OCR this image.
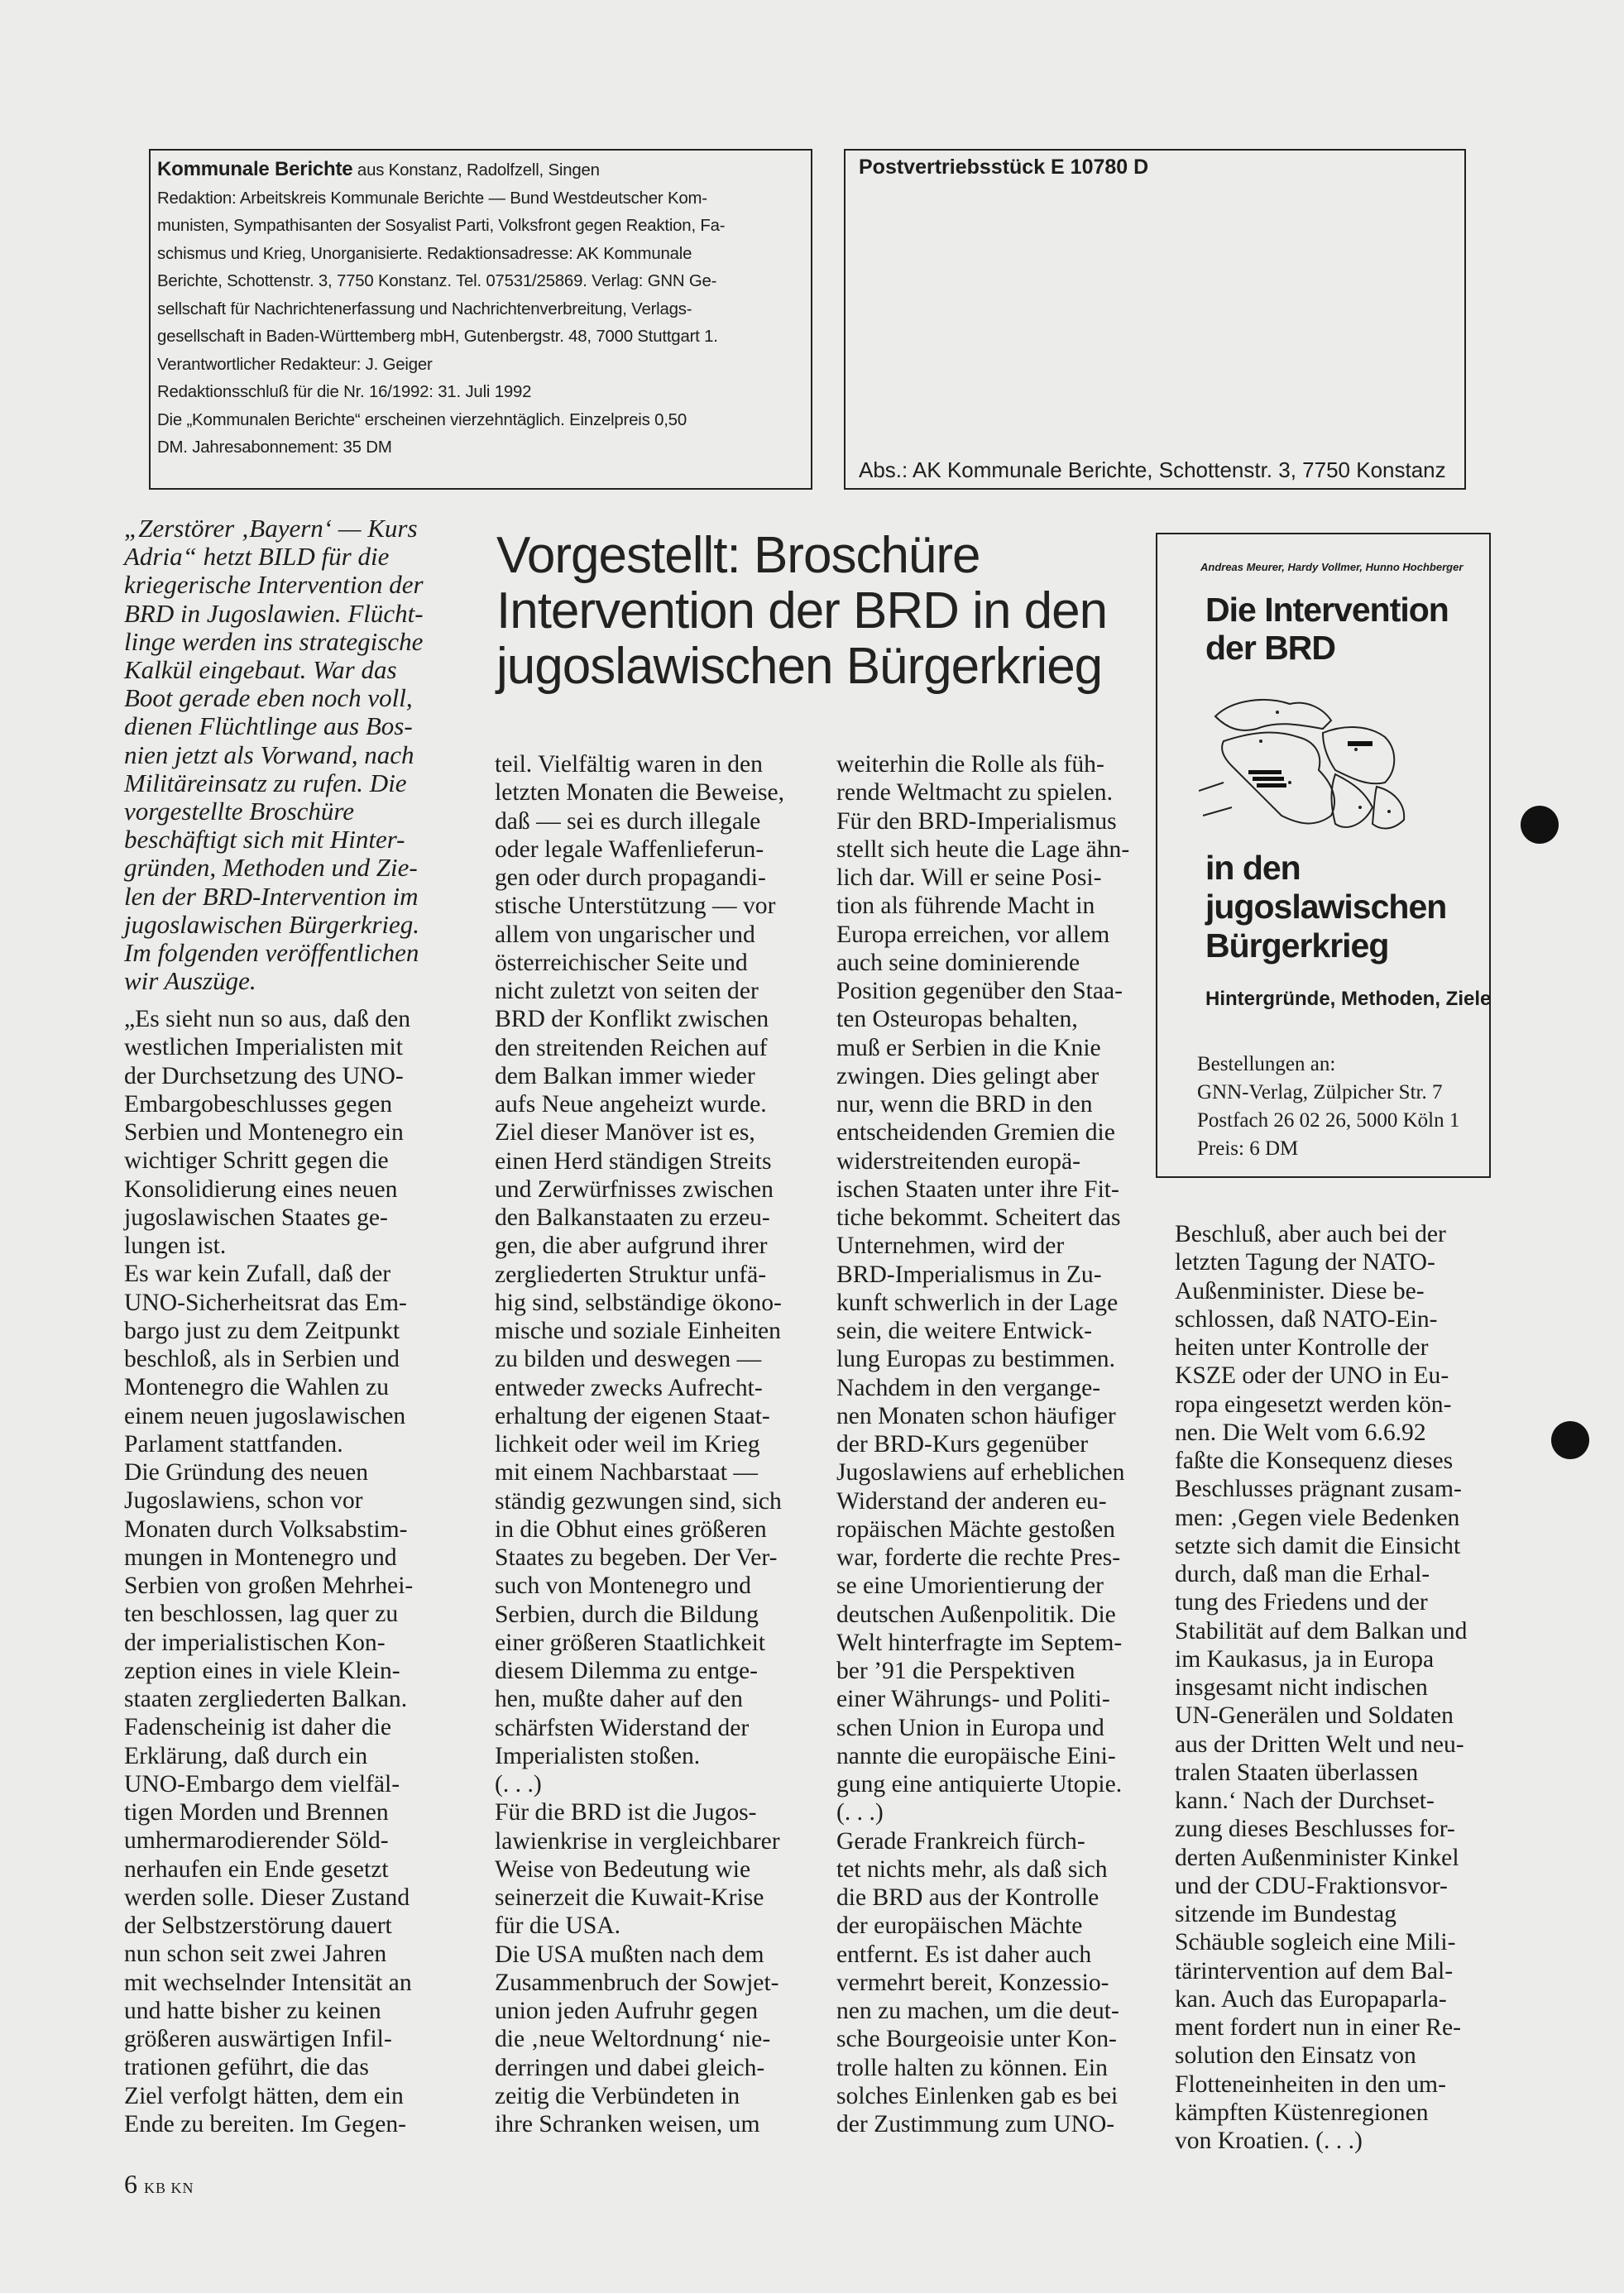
Kommunale Berichte aus Konstanz, Radolfzell, Singen

Redaktion: Arbeitskreis Kommunale Berichte — Bund Westdeutscher Kom-

munisten, Sympathisanten der Sosyalist Parti, Volksfront gegen Reaktion, Fa-

schismus und Krieg, Unorganisierte. Redaktionsadresse: AK Kommunale

Berichte, Schottenstr. 3, 7750 Konstanz. Tel. 07531/25869. Verlag: GNN Ge-

sellschaft für Nachrichtenerfassung und Nachrichtenverbreitung, Verlags-

gesellschaft in Baden-Württemberg mbH, Gutenbergstr. 48, 7000 Stuttgart 1.

Verantwortlicher Redakteur: J. Geiger

Redaktionsschluß für die Nr. 16/1992: 31. Juli 1992

Die „Kommunalen Berichte“ erscheinen vierzehntäglich. Einzelpreis 0,50

DM. Jahresabonnement: 35 DM

Postvertriebsstück E 10780 D
Abs.: AK Kommunale Berichte, Schottenstr. 3, 7750 Konstanz

„Zerstörer ‚Bayern‘ — Kurs

Adria“ hetzt BILD für die

kriegerische Intervention der

BRD in Jugoslawien. Flücht-

linge werden ins strategische

Kalkül eingebaut. War das

Boot gerade eben noch voll,

dienen Flüchtlinge aus Bos-

nien jetzt als Vorwand, nach

Militäreinsatz zu rufen. Die

vorgestellte Broschüre

beschäftigt sich mit Hinter-

gründen, Methoden und Zie-

len der BRD-Intervention im

jugoslawischen Bürgerkrieg.

Im folgenden veröffentlichen

wir Auszüge.

Vorgestellt: Broschüre

Intervention der BRD in den

jugoslawischen Bürgerkrieg

„Es sieht nun so aus, daß den

westlichen Imperialisten mit

der Durchsetzung des UNO-

Embargobeschlusses gegen

Serbien und Montenegro ein

wichtiger Schritt gegen die

Konsolidierung eines neuen

jugoslawischen Staates ge-

lungen ist.

Es war kein Zufall, daß der

UNO-Sicherheitsrat das Em-

bargo just zu dem Zeitpunkt

beschloß, als in Serbien und

Montenegro die Wahlen zu

einem neuen jugoslawischen

Parlament stattfanden.

Die Gründung des neuen

Jugoslawiens, schon vor

Monaten durch Volksabstim-

mungen in Montenegro und

Serbien von großen Mehrhei-

ten beschlossen, lag quer zu

der imperialistischen Kon-

zeption eines in viele Klein-

staaten zergliederten Balkan.

Fadenscheinig ist daher die

Erklärung, daß durch ein

UNO-Embargo dem vielfäl-

tigen Morden und Brennen

umhermarodierender Söld-

nerhaufen ein Ende gesetzt

werden solle. Dieser Zustand

der Selbstzerstörung dauert

nun schon seit zwei Jahren

mit wechselnder Intensität an

und hatte bisher zu keinen

größeren auswärtigen Infil-

trationen geführt, die das

Ziel verfolgt hätten, dem ein

Ende zu bereiten. Im Gegen-

teil. Vielfältig waren in den

letzten Monaten die Beweise,

daß — sei es durch illegale

oder legale Waffenlieferun-

gen oder durch propagandi-

stische Unterstützung — vor

allem von ungarischer und

österreichischer Seite und

nicht zuletzt von seiten der

BRD der Konflikt zwischen

den streitenden Reichen auf

dem Balkan immer wieder

aufs Neue angeheizt wurde.

Ziel dieser Manöver ist es,

einen Herd ständigen Streits

und Zerwürfnisses zwischen

den Balkanstaaten zu erzeu-

gen, die aber aufgrund ihrer

zergliederten Struktur unfä-

hig sind, selbständige ökono-

mische und soziale Einheiten

zu bilden und deswegen —

entweder zwecks Aufrecht-

erhaltung der eigenen Staat-

lichkeit oder weil im Krieg

mit einem Nachbarstaat —

ständig gezwungen sind, sich

in die Obhut eines größeren

Staates zu begeben. Der Ver-

such von Montenegro und

Serbien, durch die Bildung

einer größeren Staatlichkeit

diesem Dilemma zu entge-

hen, mußte daher auf den

schärfsten Widerstand der

Imperialisten stoßen.

(. . .)

Für die BRD ist die Jugos-

lawienkrise in vergleichbarer

Weise von Bedeutung wie

seinerzeit die Kuwait-Krise

für die USA.

Die USA mußten nach dem

Zusammenbruch der Sowjet-

union jeden Aufruhr gegen

die ‚neue Weltordnung‘ nie-

derringen und dabei gleich-

zeitig die Verbündeten in

ihre Schranken weisen, um

weiterhin die Rolle als füh-

rende Weltmacht zu spielen.

Für den BRD-Imperialismus

stellt sich heute die Lage ähn-

lich dar. Will er seine Posi-

tion als führende Macht in

Europa erreichen, vor allem

auch seine dominierende

Position gegenüber den Staa-

ten Osteuropas behalten,

muß er Serbien in die Knie

zwingen. Dies gelingt aber

nur, wenn die BRD in den

entscheidenden Gremien die

widerstreitenden europä-

ischen Staaten unter ihre Fit-

tiche bekommt. Scheitert das

Unternehmen, wird der

BRD-Imperialismus in Zu-

kunft schwerlich in der Lage

sein, die weitere Entwick-

lung Europas zu bestimmen.

Nachdem in den vergange-

nen Monaten schon häufiger

der BRD-Kurs gegenüber

Jugoslawiens auf erheblichen

Widerstand der anderen eu-

ropäischen Mächte gestoßen

war, forderte die rechte Pres-

se eine Umorientierung der

deutschen Außenpolitik. Die

Welt hinterfragte im Septem-

ber ’91 die Perspektiven

einer Währungs- und Politi-

schen Union in Europa und

nannte die europäische Eini-

gung eine antiquierte Utopie.

(. . .)

Gerade Frankreich fürch-

tet nichts mehr, als daß sich

die BRD aus der Kontrolle

der europäischen Mächte

entfernt. Es ist daher auch

vermehrt bereit, Konzessio-

nen zu machen, um die deut-

sche Bourgeoisie unter Kon-

trolle halten zu können. Ein

solches Einlenken gab es bei

der Zustimmung zum UNO-

Beschluß, aber auch bei der

letzten Tagung der NATO-

Außenminister. Diese be-

schlossen, daß NATO-Ein-

heiten unter Kontrolle der

KSZE oder der UNO in Eu-

ropa eingesetzt werden kön-

nen. Die Welt vom 6.6.92

faßte die Konsequenz dieses

Beschlusses prägnant zusam-

men: ‚Gegen viele Bedenken

setzte sich damit die Einsicht

durch, daß man die Erhal-

tung des Friedens und der

Stabilität auf dem Balkan und

im Kaukasus, ja in Europa

insgesamt nicht indischen

UN-Generälen und Soldaten

aus der Dritten Welt und neu-

tralen Staaten überlassen

kann.‘ Nach der Durchset-

zung dieses Beschlusses for-

derten Außenminister Kinkel

und der CDU-Fraktionsvor-

sitzende im Bundestag

Schäuble sogleich eine Mili-

tärintervention auf dem Bal-

kan. Auch das Europaparla-

ment fordert nun in einer Re-

solution den Einsatz von

Flotteneinheiten in den um-

kämpften Küstenregionen

von Kroatien. (. . .)

Andreas Meurer, Hardy Vollmer, Hunno Hochberger

Die Intervention

der BRD

in den

jugoslawischen

Bürgerkrieg

Hintergründe, Methoden, Ziele

Bestellungen an:

GNN-Verlag, Zülpicher Str. 7

Postfach 26 02 26, 5000 Köln 1

Preis: 6 DM

6 KB KN
